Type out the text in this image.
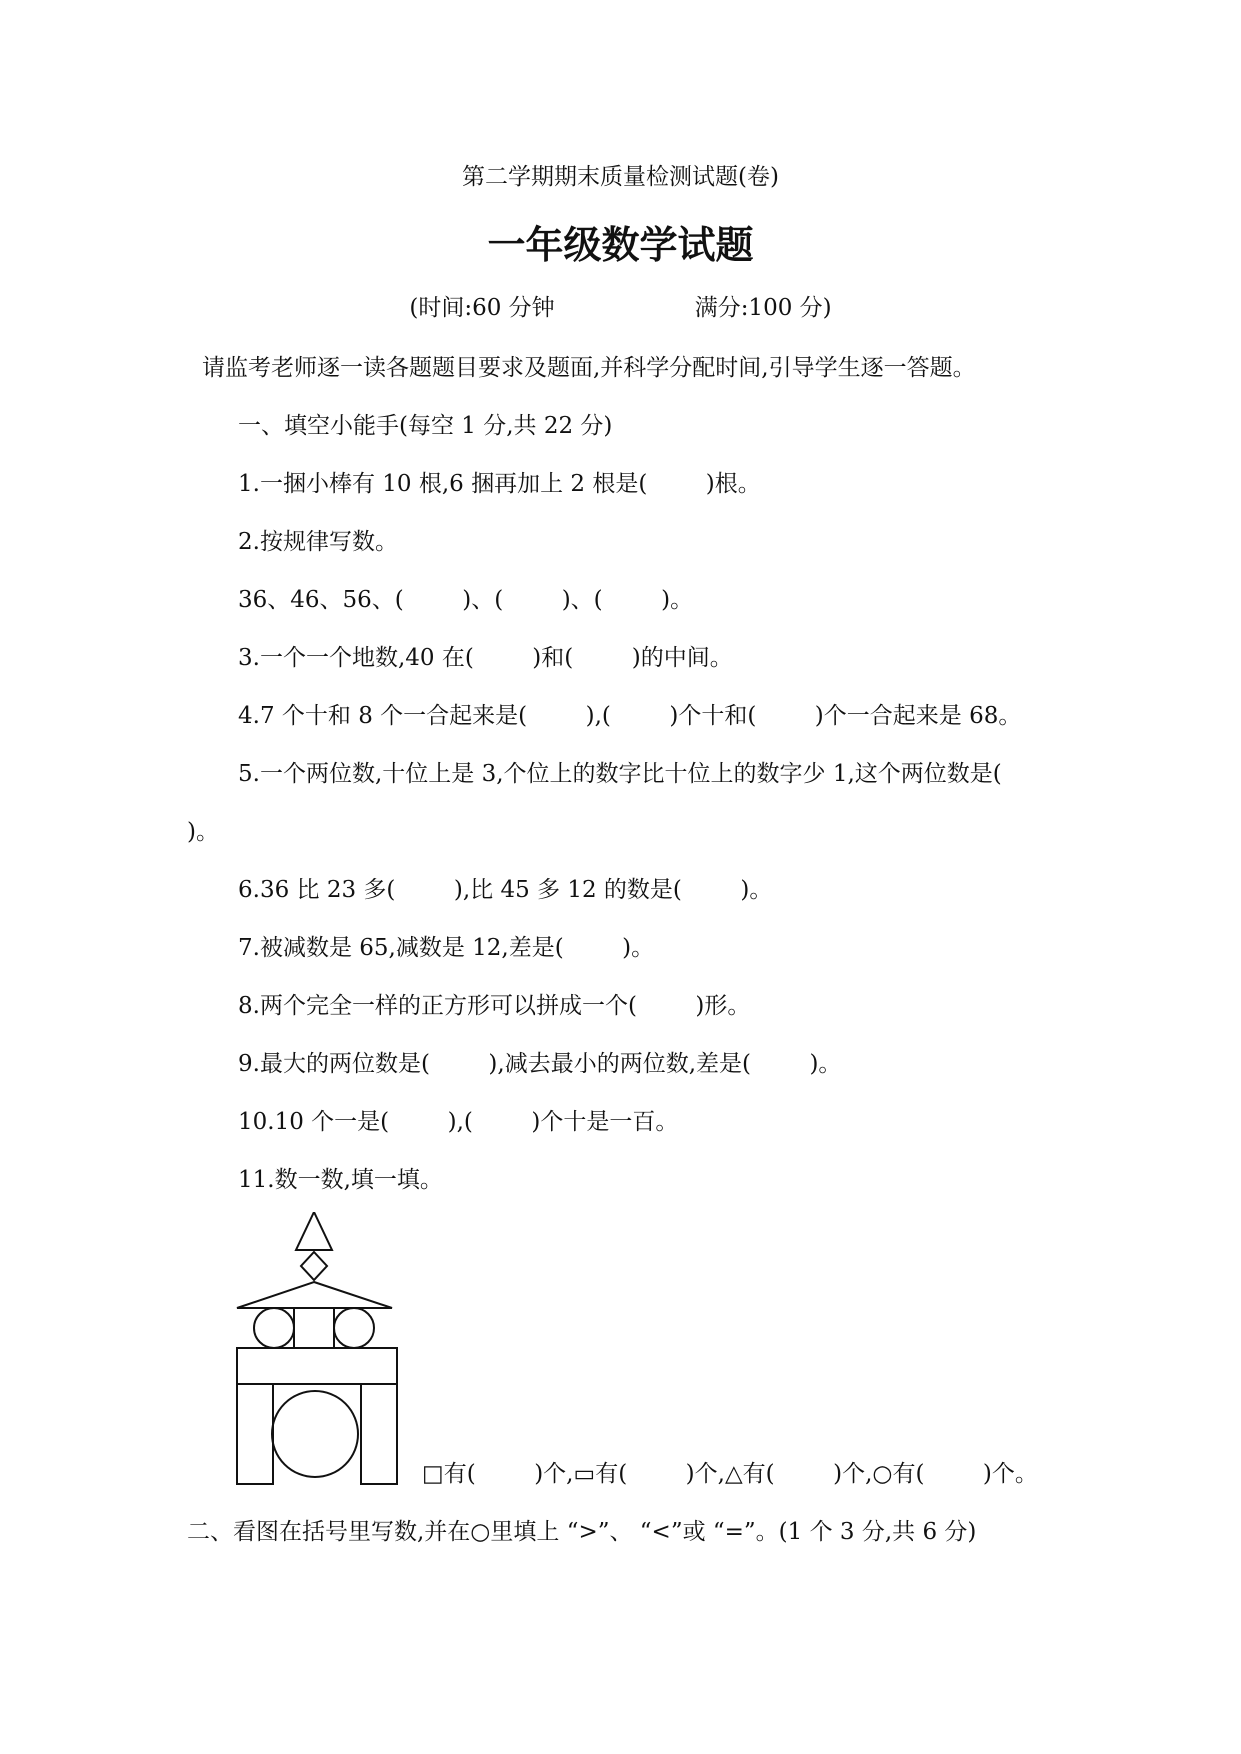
第二学期期末质量检测试题(卷)
一年级数学试题
(时间:60 分钟	满分:100 分)
请监考老师逐一读各题题目要求及题面,并科学分配时间,引导学生逐一答题。
一、填空小能手(每空 1 分,共 22 分)
1.一捆小棒有 10 根,6 捆再加上 2 根是(        )根。
2.按规律写数。
36、46、56、(        )、(        )、(        )。
3.一个一个地数,40 在(        )和(        )的中间。
4.7 个十和 8 个一合起来是(        ),(        )个十和(        )个一合起来是 68。
5.一个两位数,十位上是 3,个位上的数字比十位上的数字少 1,这个两位数是(
)。
6.36 比 23 多(        ),比 45 多 12 的数是(        )。
7.被减数是 65,减数是 12,差是(        )。
8.两个完全一样的正方形可以拼成一个(        )形。
9.最大的两位数是(        ),减去最小的两位数,差是(        )。
10.10 个一是(        ),(        )个十是一百。
11.数一数,填一填。
□有(        )个,▭有(        )个,△有(        )个,○有(        )个。
二、看图在括号里写数,并在○里填上 “>”、 “<”或 “=”。(1 个 3 分,共 6 分)
